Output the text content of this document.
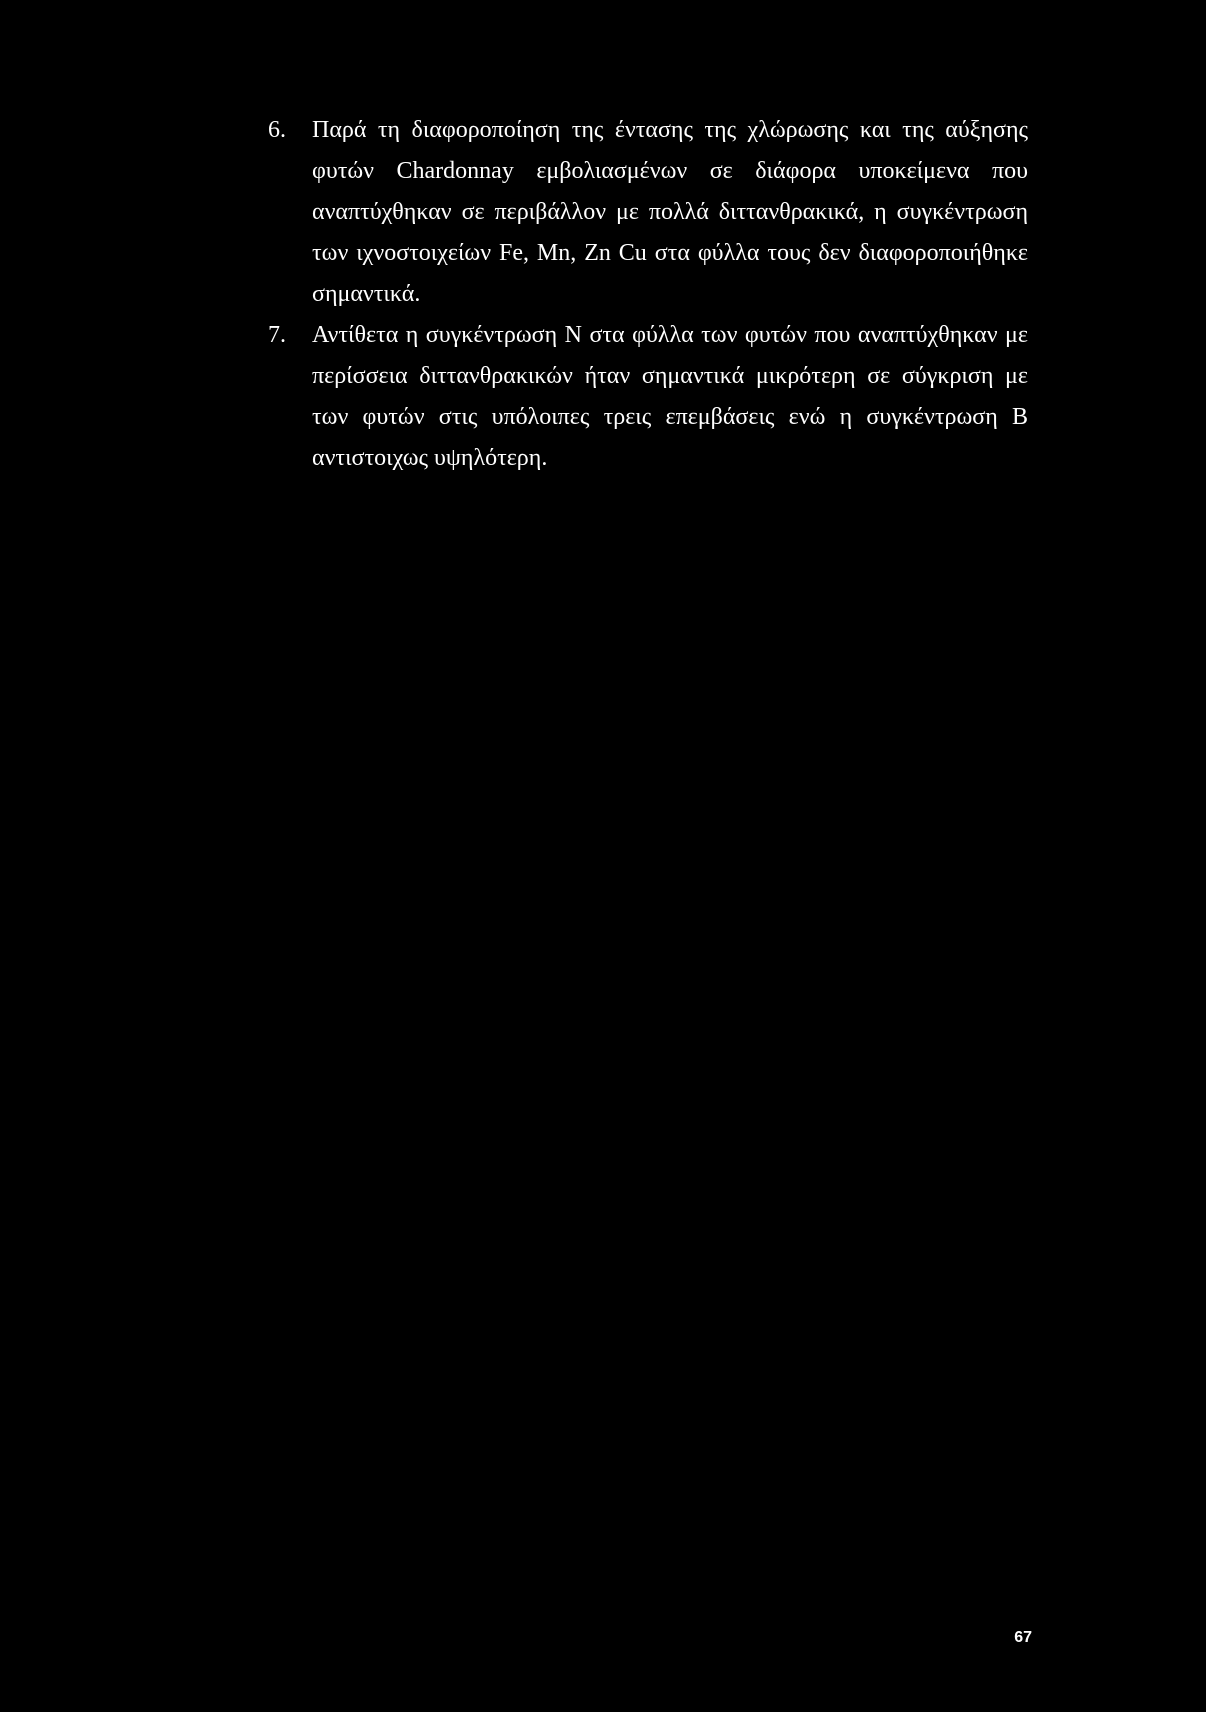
6.	Παρά τη διαφοροποίηση της έντασης της χλώρωσης και της αύξησης φυτών Chardonnay εμβολιασμένων σε διάφορα υποκείμενα που αναπτύχθηκαν σε περιβάλλον με πολλά διττανθρακικά, η συγκέντρωση των ιχνοστοιχείων Fe, Mn, Zn Cu στα φύλλα τους δεν διαφοροποιήθηκε σημαντικά.
7.	Αντίθετα η συγκέντρωση N στα φύλλα των φυτών που αναπτύχθηκαν με περίσσεια διττανθρακικών ήταν σημαντικά μικρότερη σε σύγκριση με των φυτών στις υπόλοιπες τρεις επεμβάσεις ενώ η συγκέντρωση B αντιστοιχως υψηλότερη.
67
